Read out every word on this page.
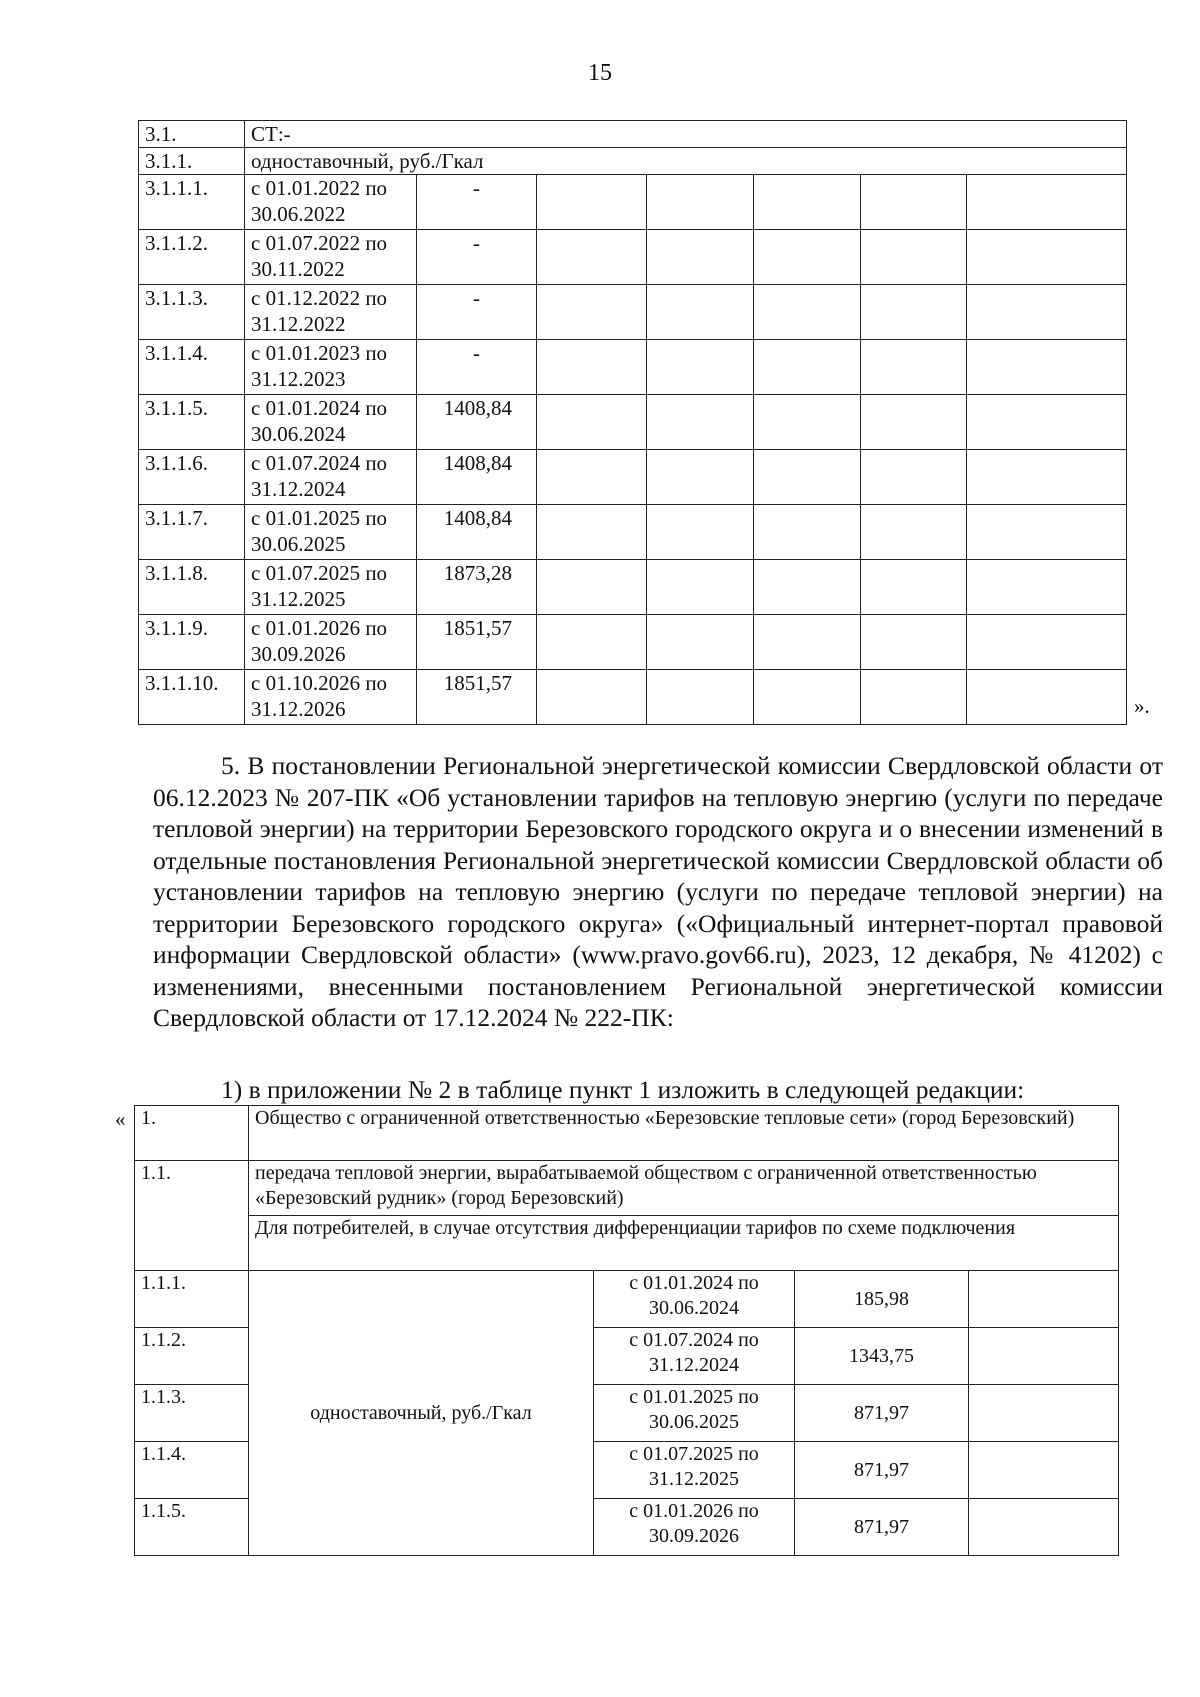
15
3.1.	СТ:-						
3.1.1.	одноставочный, руб./Гкал						
3.1.1.1.	с 01.01.2022 по 30.06.2022	-					
3.1.1.2.	с 01.07.2022 по 30.11.2022	-					
3.1.1.3.	с 01.12.2022 по 31.12.2022	-					
3.1.1.4.	с 01.01.2023 по 31.12.2023	-					
3.1.1.5.	с 01.01.2024 по 30.06.2024	1408,84					
3.1.1.6.	с 01.07.2024 по 31.12.2024	1408,84					
3.1.1.7.	с 01.01.2025 по 30.06.2025	1408,84					
3.1.1.8.	с 01.07.2025 по 31.12.2025	1873,28					
3.1.1.9.	с 01.01.2026 по 30.09.2026	1851,57					
3.1.1.10.	с 01.10.2026 по 31.12.2026	1851,57					
».

5. В постановлении Региональной энергетической комиссии Свердловской области от 06.12.2023 № 207-ПК «Об установлении тарифов на тепловую энергию (услуги по передаче тепловой энергии) на территории Березовского городского округа и о внесении изменений в отдельные постановления Региональной энергетической комиссии Свердловской области об установлении тарифов на тепловую энергию (услуги по передаче тепловой энергии) на территории Березовского городского округа» («Официальный интернет-портал правовой информации Свердловской области» (www.pravo.gov66.ru), 2023, 12 декабря, № 41202) с изменениями, внесенными постановлением Региональной энергетической комиссии Свердловской области от 17.12.2024 № 222-ПК:

1) в приложении № 2 в таблице пункт 1 изложить в следующей редакции:
« 1.	Общество с ограниченной ответственностью «Березовские тепловые сети» (город Березовский)			
1.1.	передача тепловой энергии, вырабатываемой обществом с ограниченной ответственностью «Березовский рудник» (город Березовский)			
	Для потребителей, в случае отсутствия дифференциации тарифов по схеме подключения			
1.1.1.	одноставочный, руб./Гкал	с 01.01.2024 по 30.06.2024	185,98	
1.1.2.		с 01.07.2024 по 31.12.2024	1343,75	
1.1.3.		с 01.01.2025 по 30.06.2025	871,97	
1.1.4.		с 01.07.2025 по 31.12.2025	871,97	
1.1.5.		с 01.01.2026 по 30.09.2026	871,97	
